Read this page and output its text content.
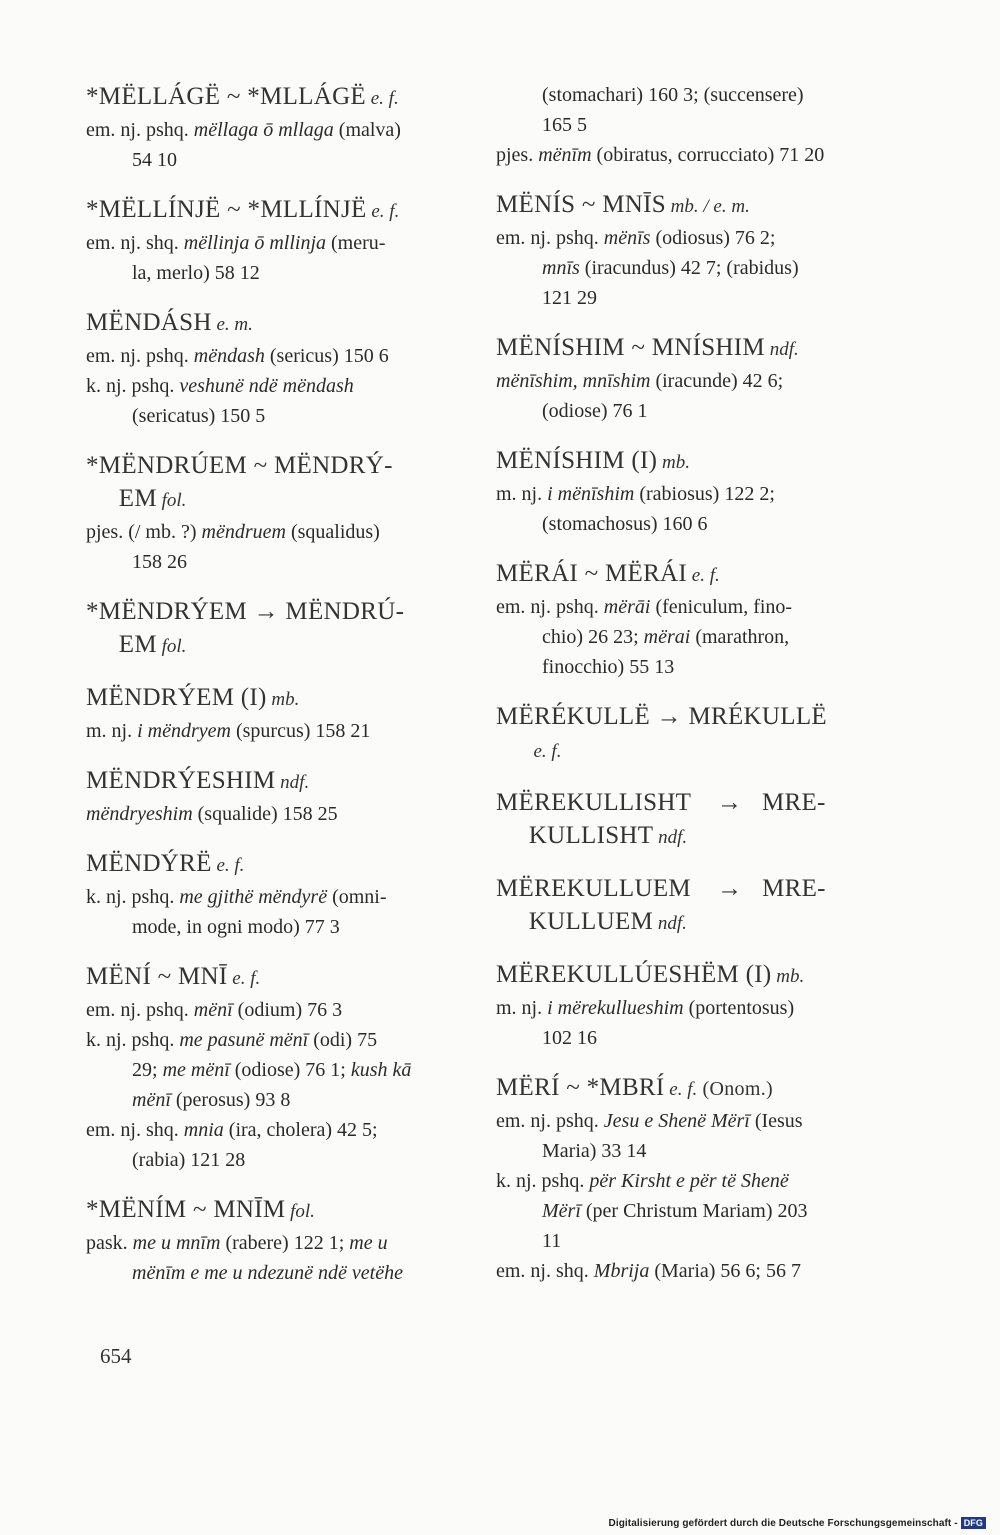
*MËLLÁGË ~ *MLLÁGË e. f.
em. nj. pshq. mëllaga ō mllaga (malva)
54 10
*MËLLÍNJË ~ *MLLÍNJË e. f.
em. nj. shq. mëllinja ō mllinja (meru-
la, merlo) 58 12
MËNDÁSH e. m.
em. nj. pshq. mëndash (sericus) 150 6
k. nj. pshq. veshunë ndë mëndash
(sericatus) 150 5
*MËNDRÚEM ~ MËNDRÝ-
EM fol.
pjes. (/ mb. ?) mëndruem (squalidus)
158 26
*MËNDRÝEM → MËNDRÚ-
EM fol.
MËNDRÝEM (I) mb.
m. nj. i mëndryem (spurcus) 158 21
MËNDRÝESHIM ndf.
mëndryeshim (squalide) 158 25
MËNDÝRË e. f.
k. nj. pshq. me gjithë mëndyrë (omni-
mode, in ogni modo) 77 3
MËNÍ ~ MNĪ e. f.
em. nj. pshq. mënī (odium) 76 3
k. nj. pshq. me pasunë mënī (odi) 75
29; me mënī (odiose) 76 1; kush kā
mënī (perosus) 93 8
em. nj. shq. mnia (ira, cholera) 42 5;
(rabia) 121 28
*MËNÍM ~ MNĪM fol.
pask. me u mnīm (rabere) 122 1; me u
mënīm e me u ndezunë ndë vetëhe
(stomachari) 160 3; (succensere)
165 5
pjes. mënīm (obiratus, corrucciato) 71 20
MËNÍS ~ MNĪS mb. / e. m.
em. nj. pshq. mënīs (odiosus) 76 2;
mnīs (iracundus) 42 7; (rabidus)
121 29
MËNÍSHIM ~ MNÍSHIM ndf.
mënīshim, mnīshim (iracunde) 42 6;
(odiose) 76 1
MËNÍSHIM (I) mb.
m. nj. i mënīshim (rabiosus) 122 2;
(stomachosus) 160 6
MËRÁI ~ MËRÁI e. f.
em. nj. pshq. mërāi (feniculum, fino-
chio) 26 23; mërai (marathron,
finocchio) 55 13
MËRÉKULLË → MRÉKULLË
e. f.
MËREKULLISHT    →   MRE-
KULLISHT ndf.
MËREKULLUEM    →   MRE-
KULLUEM ndf.
MËREKULLÚESHËM (I) mb.
m. nj. i mërekullueshim (portentosus)
102 16
MËRÍ ~ *MBRÍ e. f. (Onom.)
em. nj. pshq. Jesu e Shenë Mërī (Iesus
Maria) 33 14
k. nj. pshq. për Kirsht e për të Shenë
Mërī (per Christum Mariam) 203
11
em. nj. shq. Mbrija (Maria) 56 6; 56 7
654
Digitalisierung gefördert durch die Deutsche Forschungsgemeinschaft - DFG
